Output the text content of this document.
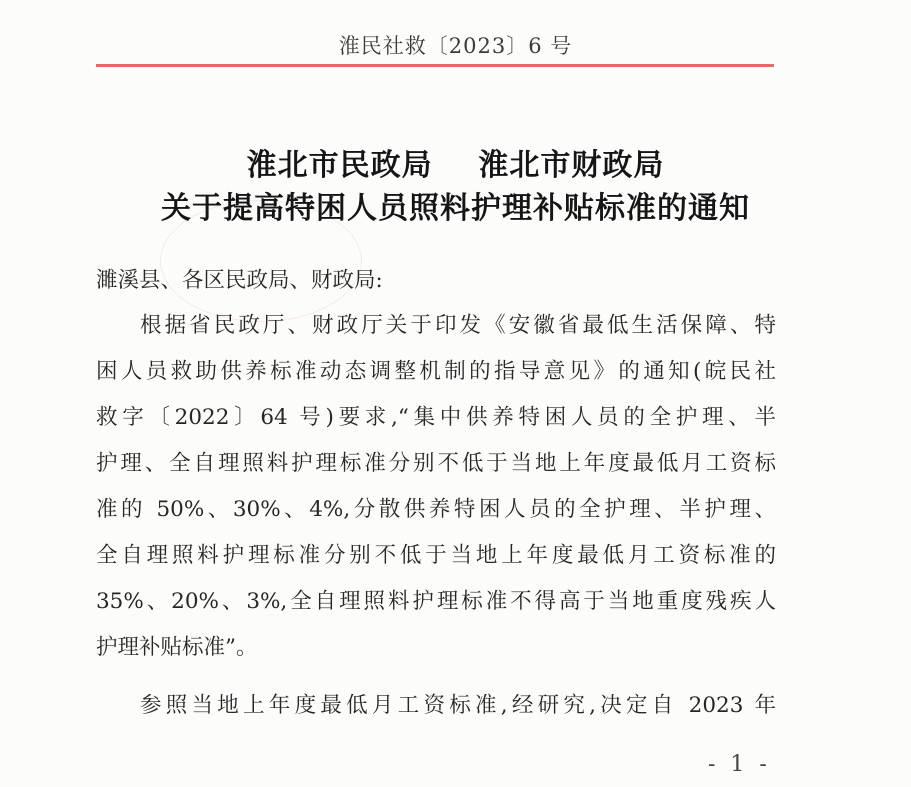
淮民社救〔2023〕6 号
淮北市民政局    淮北市财政局
关于提高特困人员照料护理补贴标准的通知
濉溪县、各区民政局、财政局:
根据省民政厅、财政厅关于印发《安徽省最低生活保障、特
困人员救助供养标准动态调整机制的指导意见》的通知(皖民社
救字〔2022〕64 号)要求,“集中供养特困人员的全护理、半
护理、全自理照料护理标准分别不低于当地上年度最低月工资标
准的 50%、30%、4%,分散供养特困人员的全护理、半护理、
全自理照料护理标准分别不低于当地上年度最低月工资标准的
35%、20%、3%,全自理照料护理标准不得高于当地重度残疾人
护理补贴标准”。
参照当地上年度最低月工资标准,经研究,决定自 2023 年
- 1 -
